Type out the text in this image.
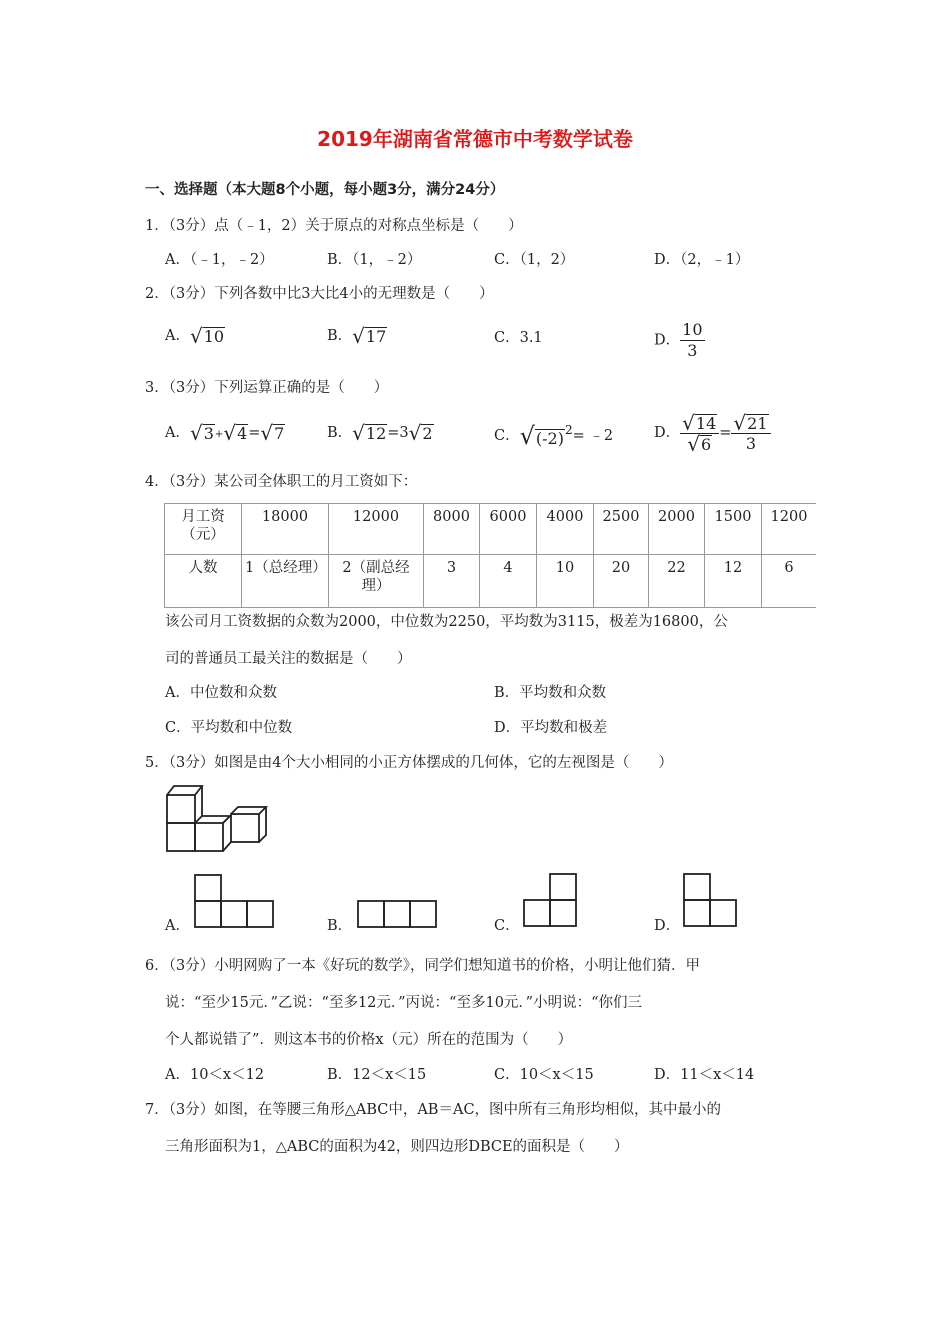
2019年湖南省常德市中考数学试卷
一、选择题（本大题8个小题，每小题3分，满分24分）
1．（3分）点（﹣1，2）关于原点的对称点坐标是（　　）
A．（﹣1，﹣2）	B．（1，﹣2）	C．（1，2）	D．（2，﹣1）
2．（3分）下列各数中比3大比4小的无理数是（　　）
A． √ 10	B． √ 17	C．3.1	D． $\frac{10}{3}$
3．（3分）下列运算正确的是（　　）
A． √ 3 + √ 4 = √ 7	B． √ 12 =3 √ 2	C． √ (-2) $^2$= ﹣2	D． $\frac{√ 14}{√ 6} = \frac{√ 21}{3}$
4．（3分）某公司全体职工的月工资如下：
月工资（元）	18000	12000	8000	6000	4000	2500	2000	1500	1200
人数	1（总经理）	2（副总经理）	3	4	10	20	22	12	6
该公司月工资数据的众数为2000，中位数为2250，平均数为3115，极差为16800，公
司的普通员工最关注的数据是（　　）
A．中位数和众数	B．平均数和众数
C．平均数和中位数	D．平均数和极差
5．（3分）如图是由4个大小相同的小正方体摆成的几何体，它的左视图是（　　）
A．	B．	C．	D．
6．（3分）小明网购了一本《好玩的数学》，同学们想知道书的价格，小明让他们猜．甲
说：“至少15元．”乙说：“至多12元．”丙说：“至多10元．”小明说：“你们三
个人都说错了”．则这本书的价格x（元）所在的范围为（　　）
A．10＜x＜12	B．12＜x＜15	C．10＜x＜15	D．11＜x＜14
7．（3分）如图，在等腰三角形△ABC中，AB＝AC，图中所有三角形均相似，其中最小的
三角形面积为1，△ABC的面积为42，则四边形DBCE的面积是（　　）
